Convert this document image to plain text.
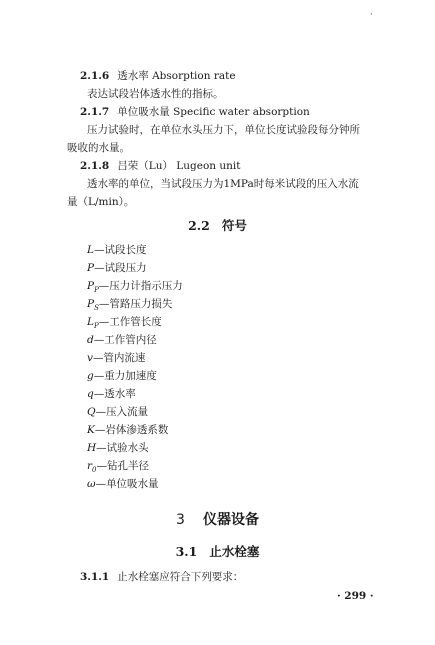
·
2.1.6 透水率 Absorption rate
表达试段岩体透水性的指标。
2.1.7 单位吸水量 Specific water absorption
压力试验时，在单位水头压力下，单位长度试验段每分钟所
吸收的水量。
2.1.8 吕荣（Lu） Lugeon unit
透水率的单位，当试段压力为1MPa时每米试段的压入水流
量（L/min）。
2.2 符号
L—试段长度
P—试段压力
$P_P—$压力计指示压力
$P_S—$管路压力损失
$L_P—$工作管长度
d—工作管内径
v—管内流速
g—重力加速度
q—透水率
Q—压入流量
K—岩体渗透系数
H—试验水头
$r_0—$钻孔半径
ω—单位吸水量
3 仪器设备
3.1 止水栓塞
3.1.1 止水栓塞应符合下列要求：
· 299 ·
